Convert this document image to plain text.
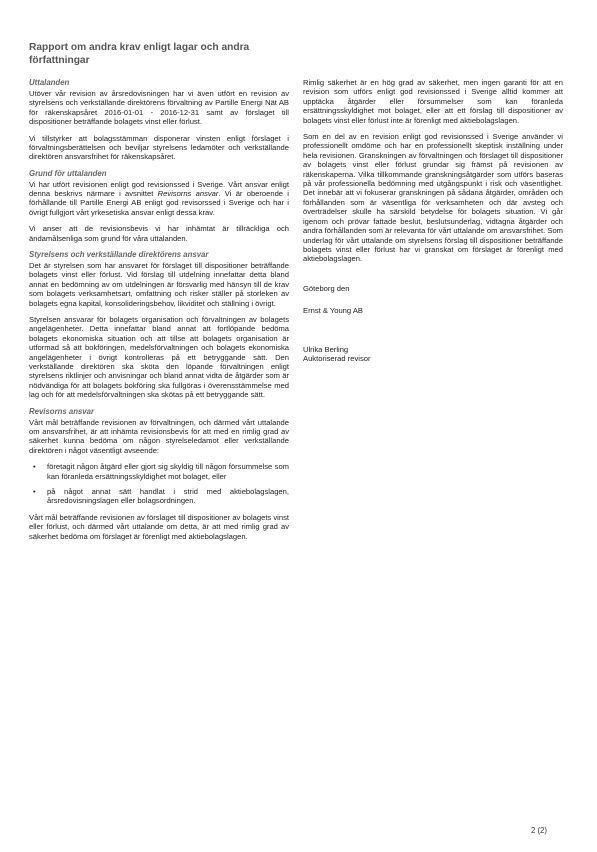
Rapport om andra krav enligt lagar och andra författningar
Uttalanden

Utöver vår revision av årsredovisningen har vi även utfört en revision av styrelsens och verkställande direktörens förvaltning av Partille Energi Nät AB för räkenskapsåret 2016-01-01 - 2016-12-31 samt av förslaget till dispositioner beträffande bolagets vinst eller förlust.

Vi tillstyrker att bolagsstämman disponerar vinsten enligt förslaget i förvaltningsberättelsen och beviljar styrelsens ledamöter och verkställande direktören ansvarsfrihet för räkenskapsåret.

Grund för uttalanden

Vi har utfört revisionen enligt god revisionssed i Sverige. Vårt ansvar enligt denna beskrivs närmare i avsnittet Revisorns ansvar. Vi är oberoende i förhållande till Partille Energi AB enligt god revisorssed i Sverige och har i övrigt fullgjort vårt yrkesetiska ansvar enligt dessa krav.

Vi anser att de revisionsbevis vi har inhämtat är tillräckliga och ändamålsenliga som grund för våra uttalanden.

Styrelsens och verkställande direktörens ansvar

Det är styrelsen som har ansvaret för förslaget till dispositioner beträffande bolagets vinst eller förlust. Vid förslag till utdelning innefattar detta bland annat en bedömning av om utdelningen är försvarlig med hänsyn till de krav som bolagets verksamhetsart, omfattning och risker ställer på storleken av bolagets egna kapital, konsolideringsbehov, likviditet och ställning i övrigt.

Styrelsen ansvarar för bolagets organisation och förvaltningen av bolagets angelägenheter. Detta innefattar bland annat att fortlöpande bedöma bolagets ekonomiska situation och att tillse att bolagets organisation är utformad så att bokföringen, medelsförvaltningen och bolagets ekonomiska angelägenheter i övrigt kontrolleras på ett betryggande sätt. Den verkställande direktören ska sköta den löpande förvaltningen enligt styrelsens riktlinjer och anvisningar och bland annat vidta de åtgärder som är nödvändiga för att bolagets bokföring ska fullgöras i överensstämmelse med lag och för att medelsförvaltningen ska skötas på ett betryggande sätt.

Revisorns ansvar

Vårt mål beträffande revisionen av förvaltningen, och därmed vårt uttalande om ansvarsfrihet, är att inhämta revisionsbevis för att med en rimlig grad av säkerhet kunna bedöma om någon styrelseledamot eller verkställande direktören i något väsentligt avseende:

• företagit någon åtgärd eller gjort sig skyldig till någon försummelse som kan föranleda ersättningsskyldighet mot bolaget, eller
• på något annat sätt handlat i strid med aktiebolagslagen, årsredovisningslagen eller bolagsordningen.

Vårt mål beträffande revisionen av förslaget till dispositioner av bolagets vinst eller förlust, och därmed vårt uttalande om detta, är att med rimlig grad av säkerhet bedöma om förslaget är förenligt med aktiebolagslagen.

Rimlig säkerhet är en hög grad av säkerhet, men ingen garanti för att en revision som utförs enligt god revisionssed i Sverige alltid kommer att upptäcka åtgärder eller försummelser som kan föranleda ersättningsskyldighet mot bolaget, eller att ett förslag till dispositioner av bolagets vinst eller förlust inte är förenligt med aktiebolagslagen.

Som en del av en revision enligt god revisionssed i Sverige använder vi professionellt omdöme och har en professionellt skeptisk inställning under hela revisionen. Granskningen av förvaltningen och förslaget till dispositioner av bolagets vinst eller förlust grundar sig främst på revisionen av räkenskaperna. Vilka tillkommande granskningsåtgärder som utförs baseras på vår professionella bedömning med utgångspunkt i risk och väsentlighet. Det innebär att vi fokuserar granskningen på sådana åtgärder, områden och förhållanden som är väsentliga för verksamheten och där avsteg och överträdelser skulle ha särskild betydelse för bolagets situation. Vi går igenom och prövar fattade beslut, beslutsunderlag, vidtagna åtgärder och andra förhållanden som är relevanta för vårt uttalande om ansvarsfrihet. Som underlag för vårt uttalande om styrelsens förslag till dispositioner beträffande bolagets vinst eller förlust har vi granskat om förslaget är förenligt med aktiebolagslagen.

Göteborg den

Ernst & Young AB

Ulrika Berling

Auktoriserad revisor

2 (2)
